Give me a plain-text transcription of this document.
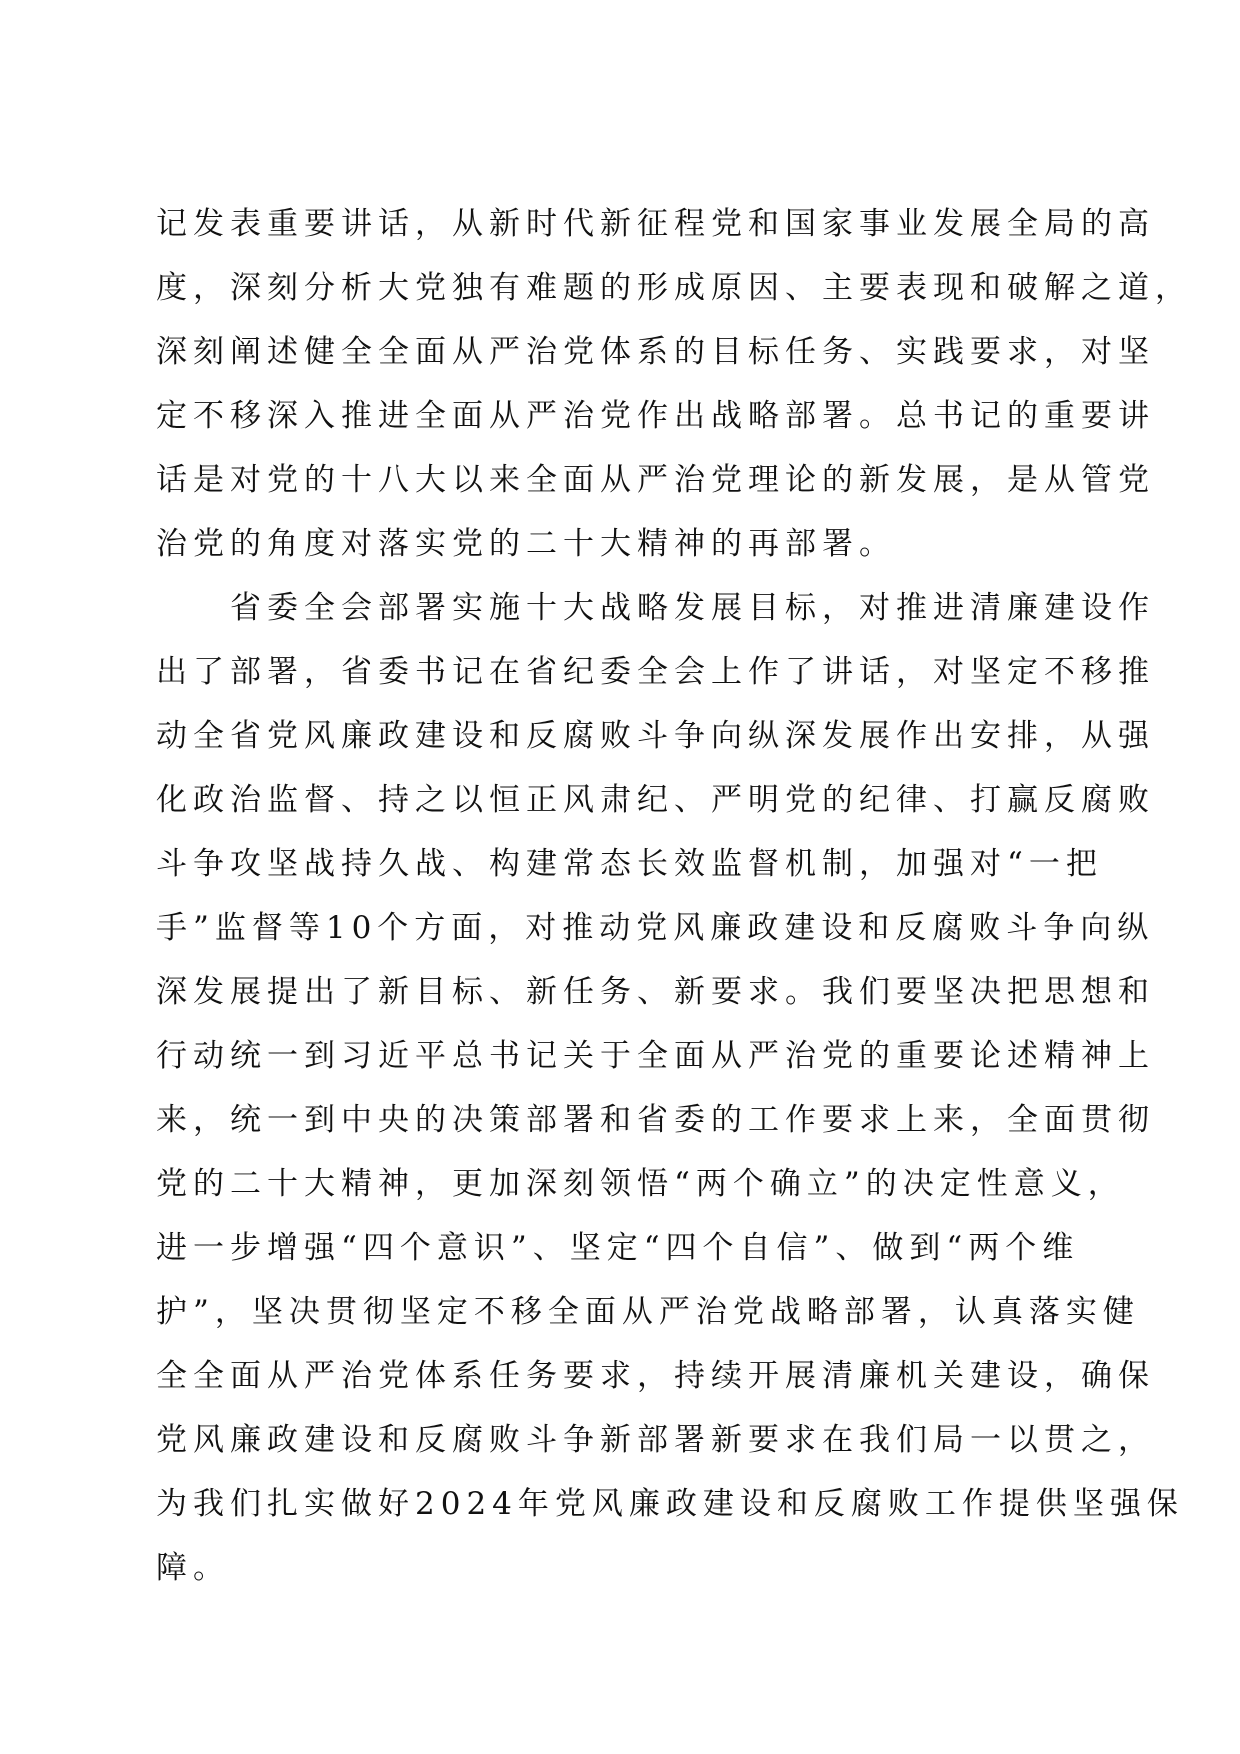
记发表重要讲话，从新时代新征程党和国家事业发展全局的高
度，深刻分析大党独有难题的形成原因、主要表现和破解之道，
深刻阐述健全全面从严治党体系的目标任务、实践要求，对坚
定不移深入推进全面从严治党作出战略部署。总书记的重要讲
话是对党的十八大以来全面从严治党理论的新发展，是从管党
治党的角度对落实党的二十大精神的再部署。
省委全会部署实施十大战略发展目标，对推进清廉建设作
出了部署，省委书记在省纪委全会上作了讲话，对坚定不移推
动全省党风廉政建设和反腐败斗争向纵深发展作出安排，从强
化政治监督、持之以恒正风肃纪、严明党的纪律、打赢反腐败
斗争攻坚战持久战、构建常态长效监督机制，加强对“一把
手”监督等10个方面，对推动党风廉政建设和反腐败斗争向纵
深发展提出了新目标、新任务、新要求。我们要坚决把思想和
行动统一到习近平总书记关于全面从严治党的重要论述精神上
来，统一到中央的决策部署和省委的工作要求上来，全面贯彻
党的二十大精神，更加深刻领悟“两个确立”的决定性意义，
进一步增强“四个意识”、坚定“四个自信”、做到“两个维
护”，坚决贯彻坚定不移全面从严治党战略部署，认真落实健
全全面从严治党体系任务要求，持续开展清廉机关建设，确保
党风廉政建设和反腐败斗争新部署新要求在我们局一以贯之，
为我们扎实做好2024年党风廉政建设和反腐败工作提供坚强保
障。
